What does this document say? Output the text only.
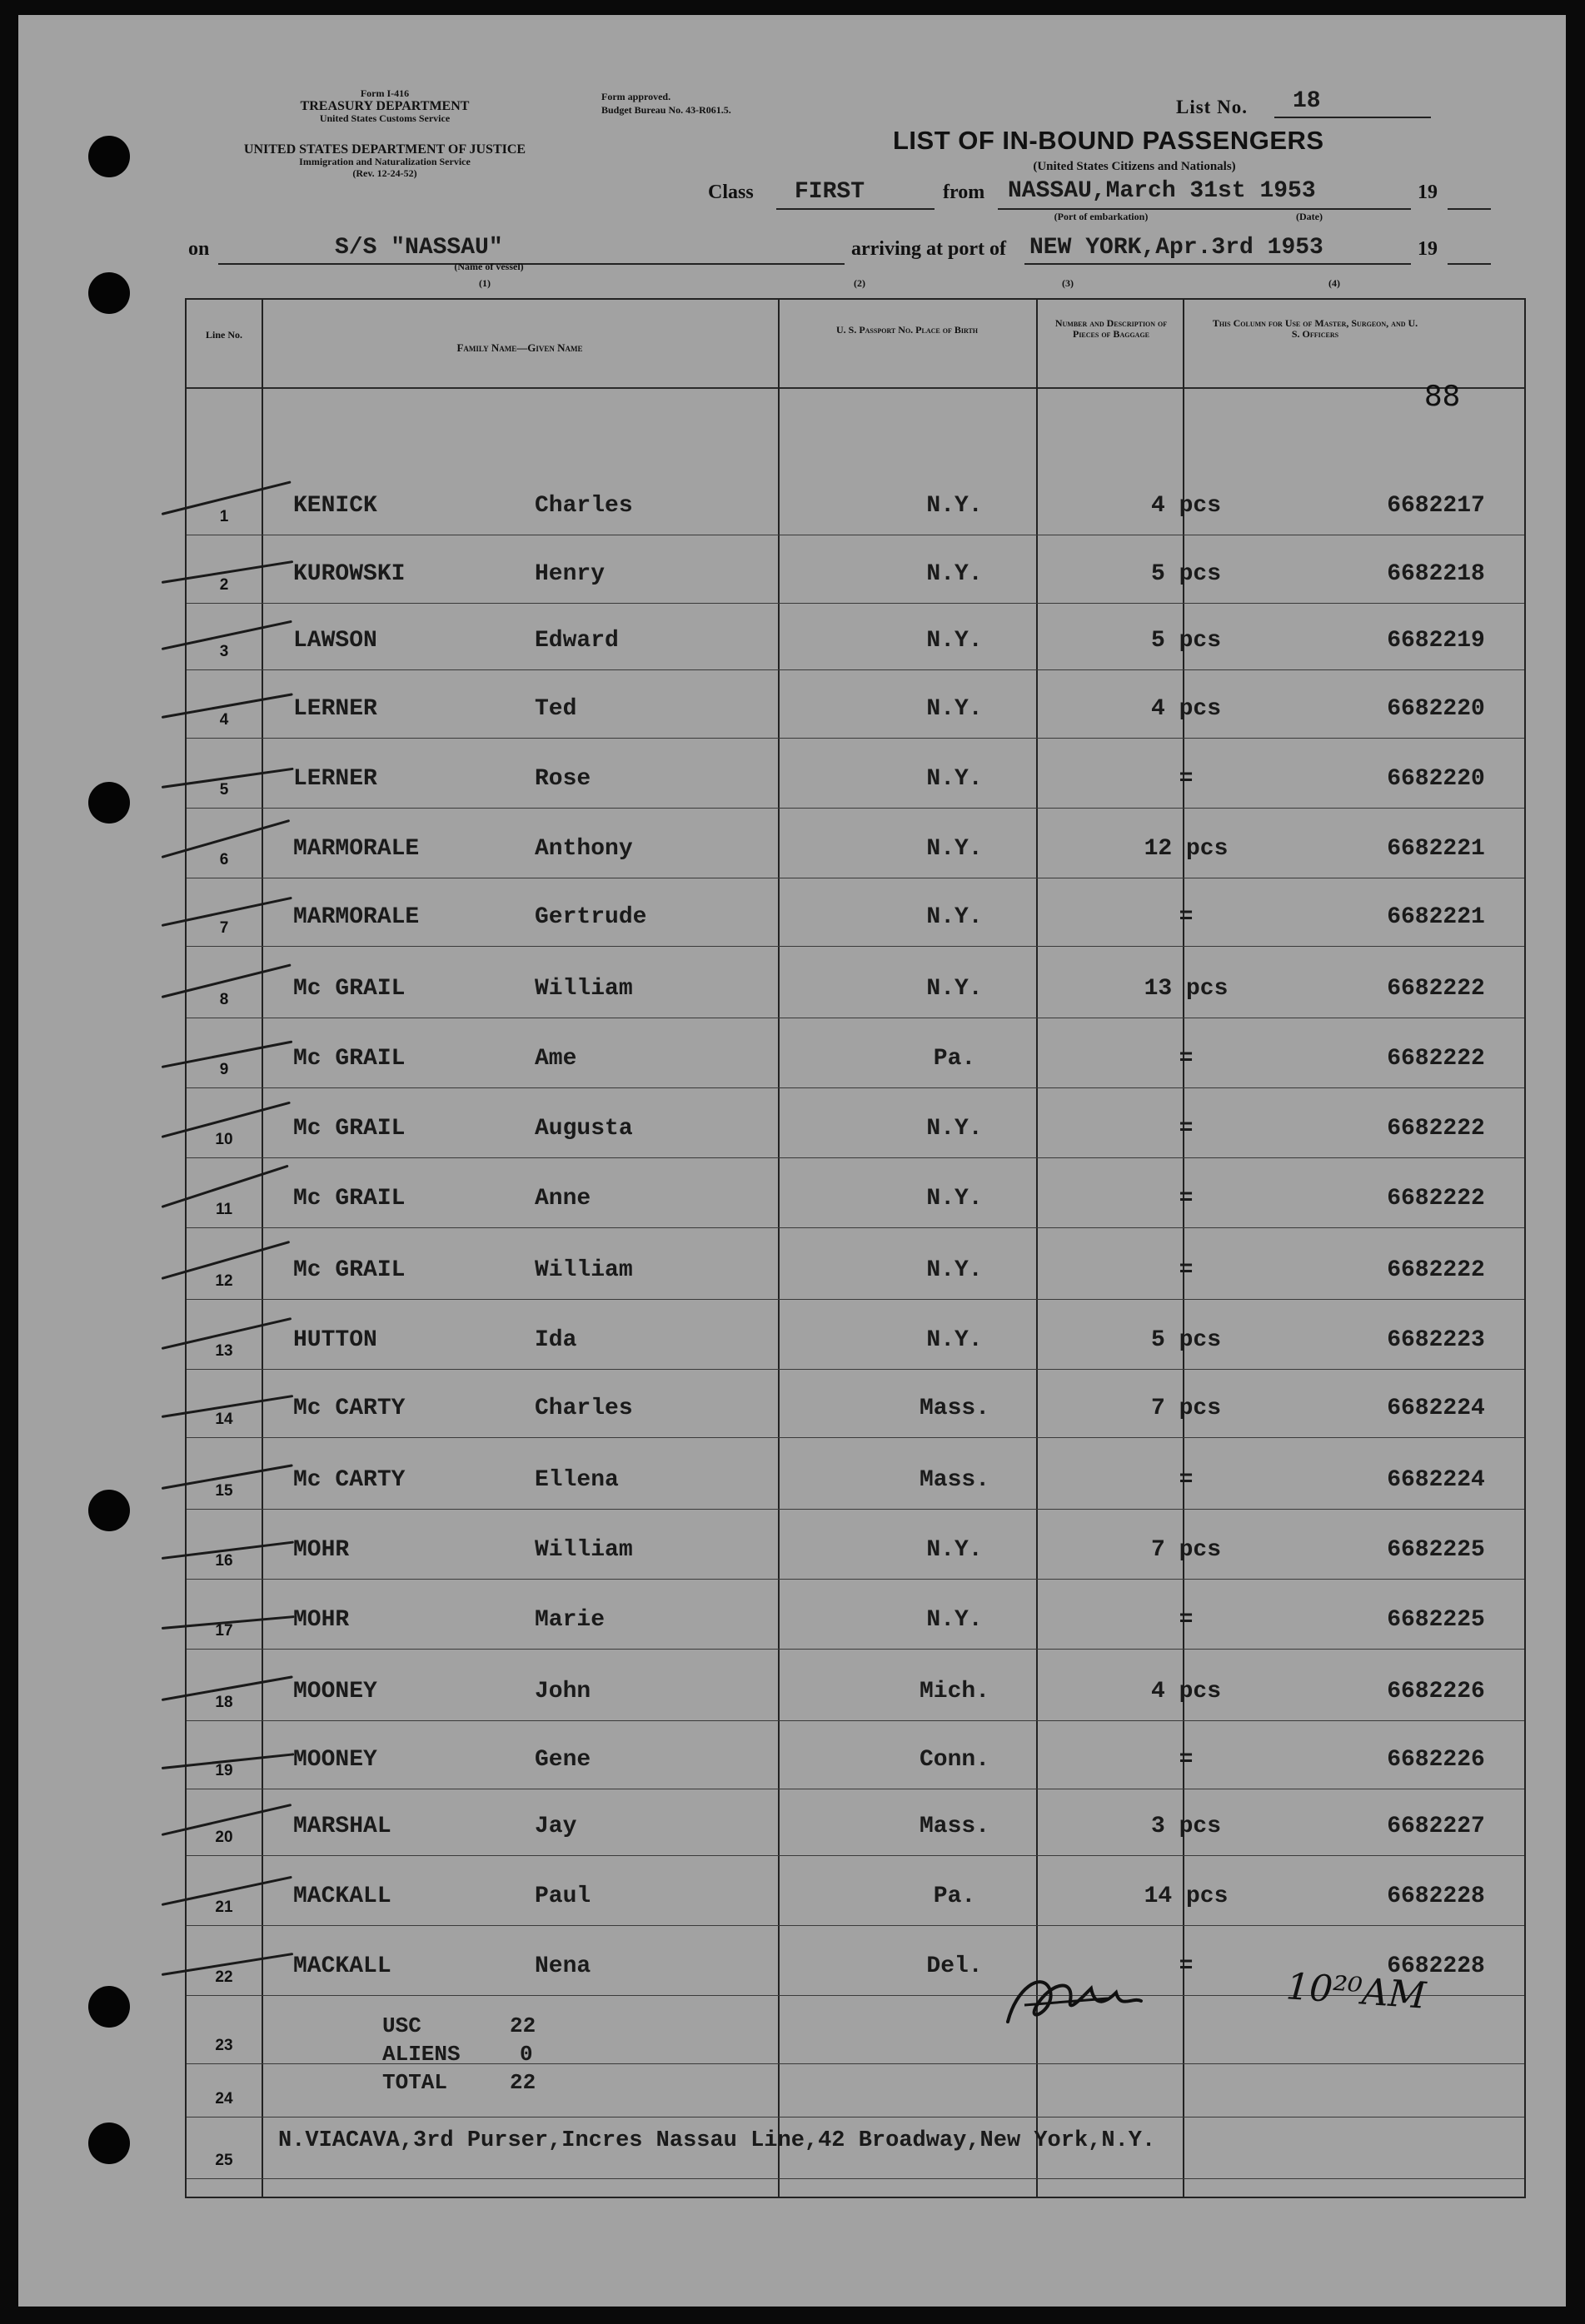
Form I-416
TREASURY DEPARTMENT
United States Customs Service
UNITED STATES DEPARTMENT OF JUSTICE
Immigration and Naturalization Service
(Rev. 12-24-52)
Form approved.
Budget Bureau No. 43-R061.5.	List No. 18
LIST OF IN-BOUND PASSENGERS
(United States Citizens and Nationals)
Class FIRST	from NASSAU,March 31st 1953	19
(Port of embarkation)	(Date)
on	S/S "NASSAU"
(Name of vessel)
arriving at port of NEW YORK,Apr.3rd 1953	19
(1)	(2)	(3)	(4)
Line No.
Family Name—Given Name
U. S. Passport No. Place of Birth
Number and Description of Pieces of Baggage
This Column for Use of Master, Surgeon, and U. S. Officers
88
1	KENICK	Charles	N.Y.	4 pcs	6682217
2	KUROWSKI	Henry	N.Y.	5 pcs	6682218
3	LAWSON	Edward	N.Y.	5 pcs	6682219
4	LERNER	Ted	N.Y.	4 pcs	6682220
5	LERNER	Rose	N.Y.	=	6682220
6	MARMORALE	Anthony	N.Y.	12 pcs	6682221
7	MARMORALE	Gertrude	N.Y.	=	6682221
8	Mc GRAIL	William	N.Y.	13 pcs	6682222
9	Mc GRAIL	Ame	Pa.	=	6682222
10	Mc GRAIL	Augusta	N.Y.	=	6682222
11	Mc GRAIL	Anne	N.Y.	=	6682222
12	Mc GRAIL	William	N.Y.	=	6682222
13	HUTTON	Ida	N.Y.	5 pcs	6682223
14	Mc CARTY	Charles	Mass.	7 pcs	6682224
15	Mc CARTY	Ellena	Mass.	=	6682224
16	MOHR	William	N.Y.	7 pcs	6682225
17	MOHR	Marie	N.Y.	=	6682225
18	MOONEY	John	Mich.	4 pcs	6682226
19	MOONEY	Gene	Conn.	=	6682226
20	MARSHAL	Jay	Mass.	3 pcs	6682227
21	MACKALL	Paul	Pa.	14 pcs	6682228
22	MACKALL	Nena	Del.	=	6682228
23
24
25
USC	22
ALIENS	0
TOTAL	22
N.VIACAVA,3rd Purser,Incres Nassau Line,42 Broadway,New York,N.Y.
10²⁰AM
